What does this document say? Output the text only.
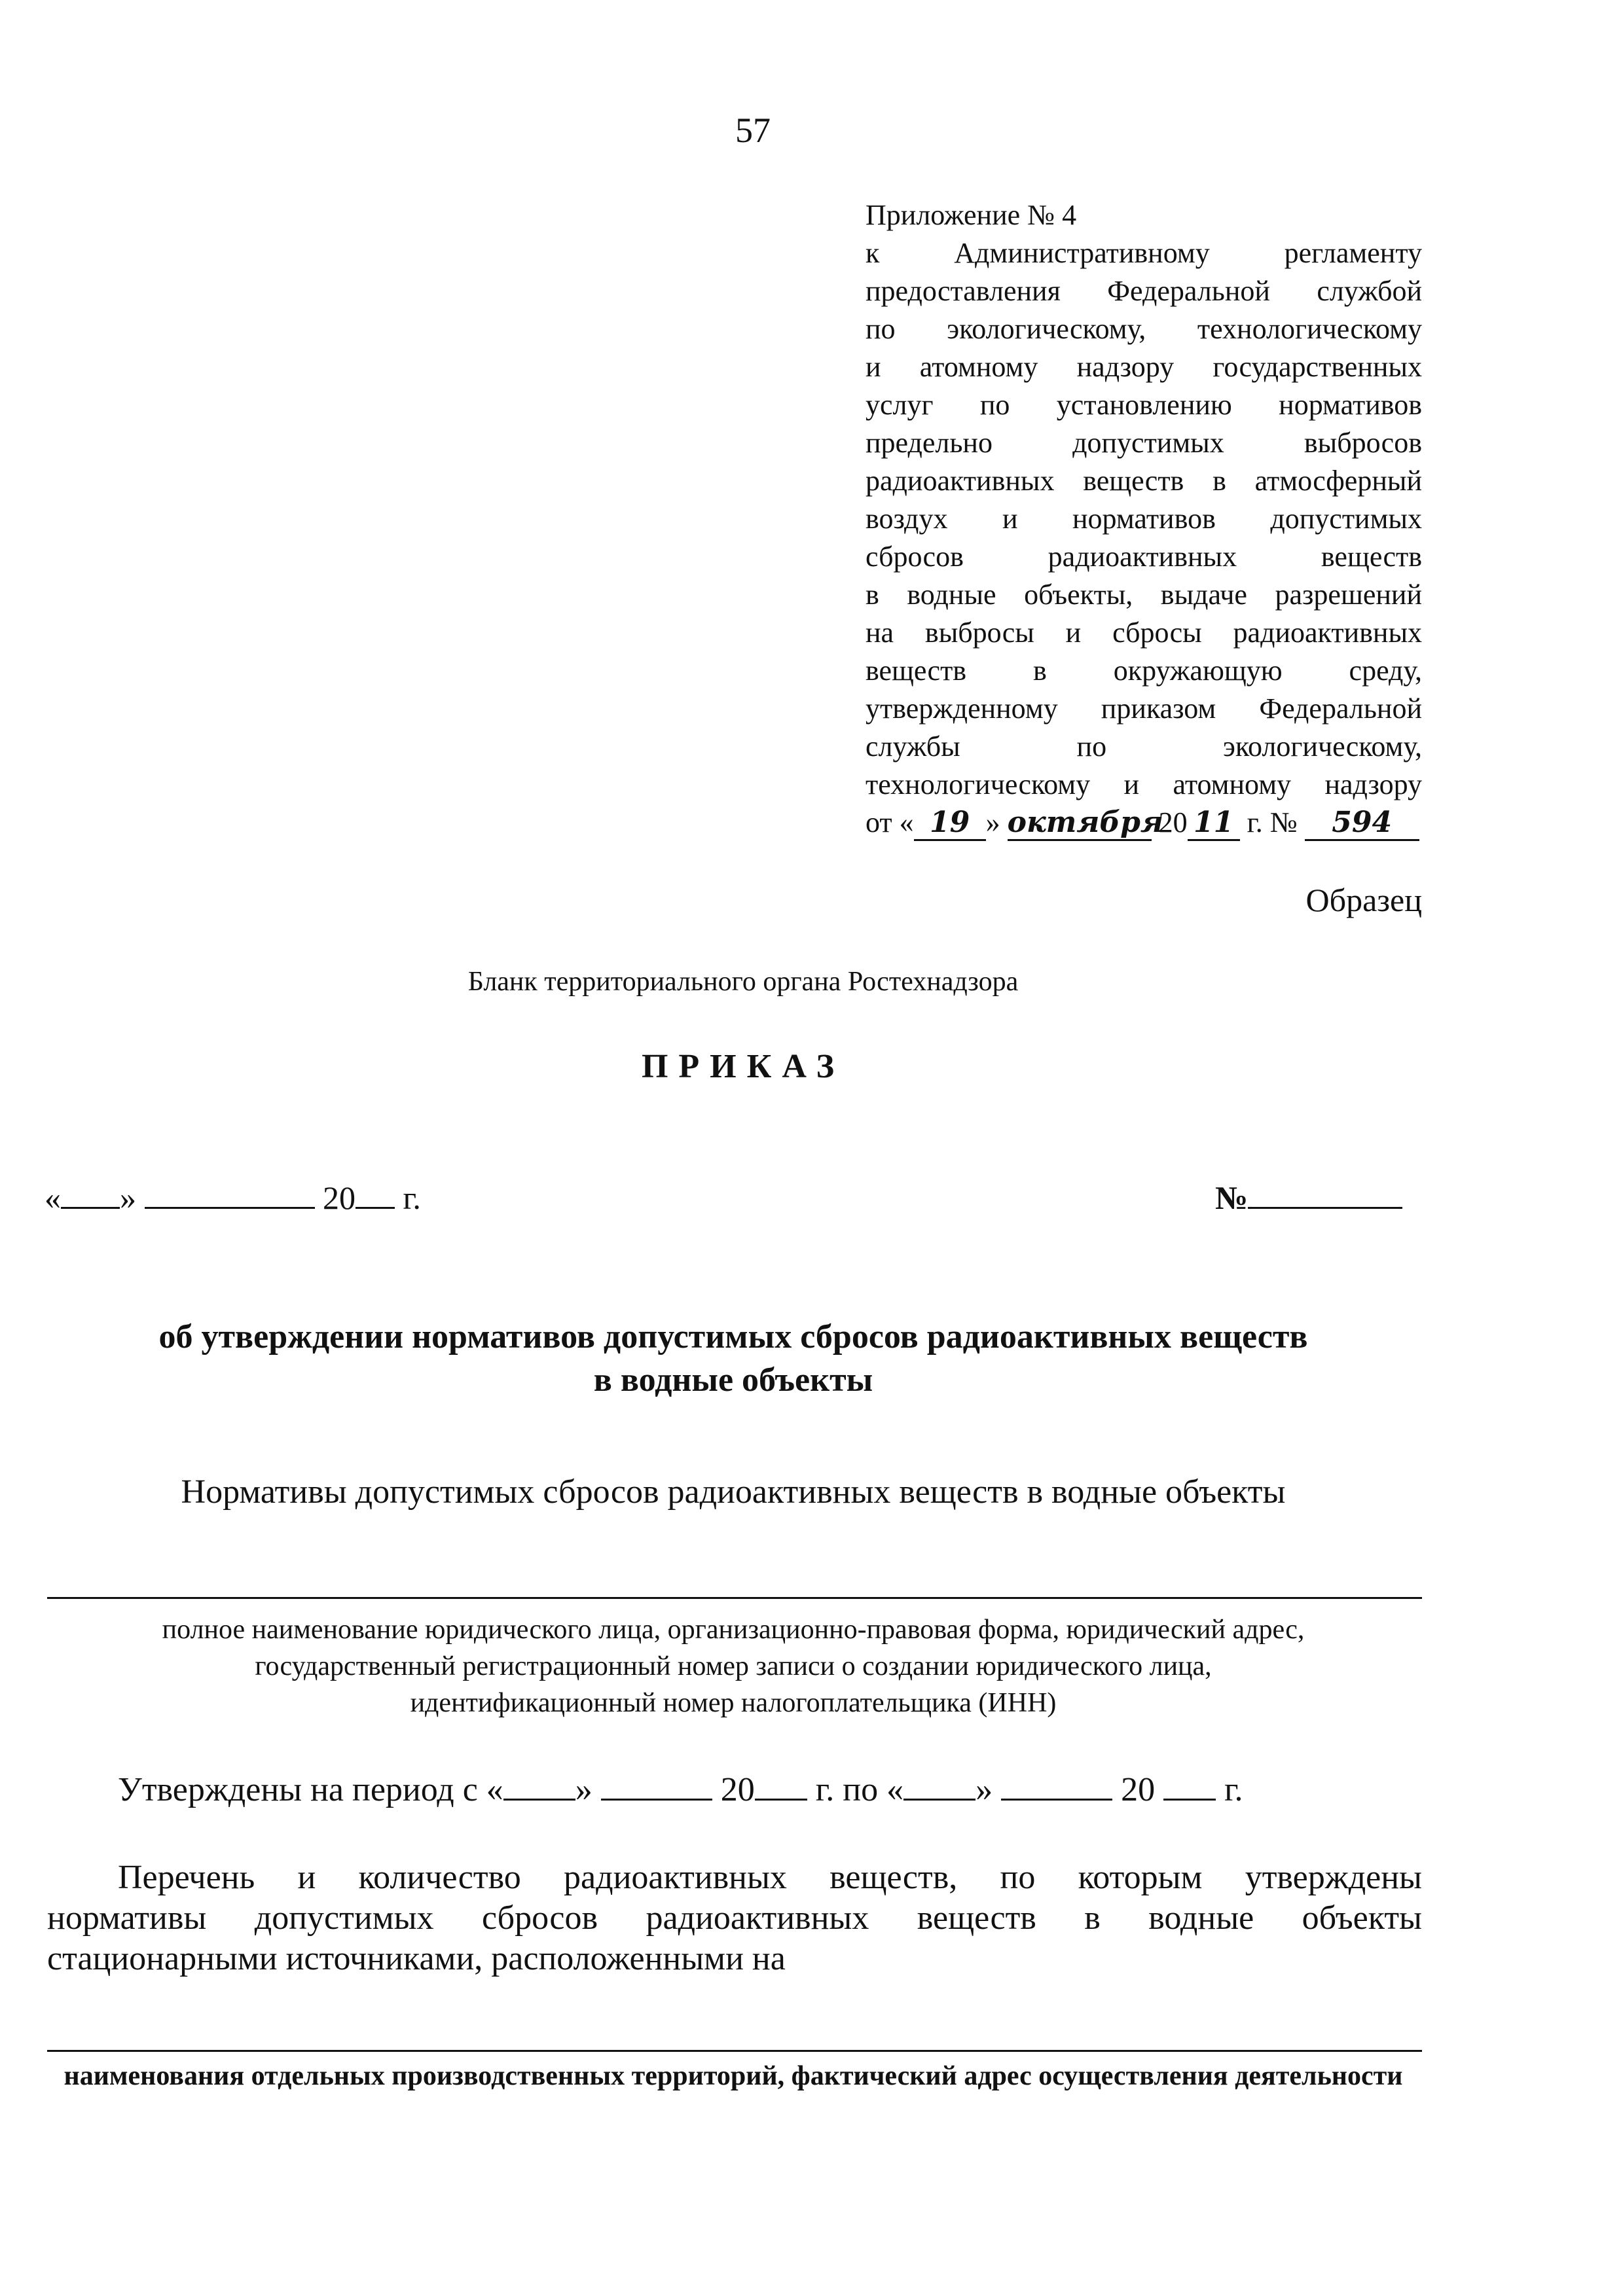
57
Приложение № 4
к Административному регламенту
предоставления Федеральной службой
по экологическому, технологическому
и атомному надзору государственных
услуг по установлению нормативов
предельно допустимых выбросов
радиоактивных веществ в атмосферный
воздух и нормативов допустимых
сбросов радиоактивных веществ
в водные объекты, выдаче разрешений
на выбросы и сбросы радиоактивных
веществ в окружающую среду,
утвержденному приказом Федеральной
службы по экологическому,
технологическому и атомному надзору
от « 19 » октября 20 11 г. № 594
Образец
Бланк территориального органа Ростехнадзора
ПРИКАЗ
« »	20 г.	№
об утверждении нормативов допустимых сбросов радиоактивных веществ
в водные объекты
Нормативы допустимых сбросов радиоактивных веществ в водные объекты
полное наименование юридического лица, организационно-правовая форма, юридический адрес,
государственный регистрационный номер записи о создании юридического лица,
идентификационный номер налогоплательщика (ИНН)
Утверждены на период с « »	20 г. по « »	20 г.
Перечень и количество радиоактивных веществ, по которым утверждены
нормативы допустимых сбросов радиоактивных веществ в водные объекты
стационарными источниками, расположенными на
наименования отдельных производственных территорий, фактический адрес осуществления деятельности
